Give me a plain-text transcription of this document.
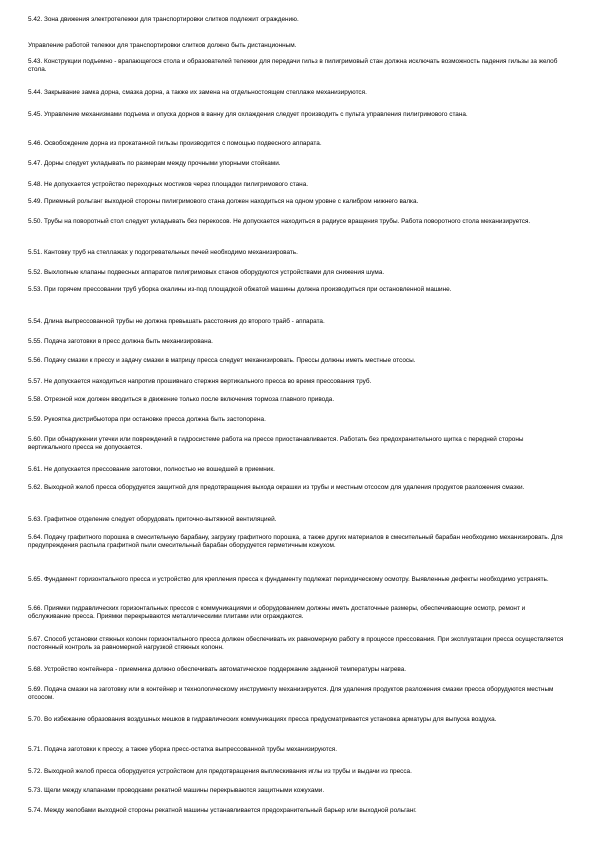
5.42. Зона движения электротележки для транспортировки слитков подлежит ограждению.

Управление работой тележки для транспортировки слитков должно быть дистанционным.

5.43. Конструкции подъемно - врапающегося стола и образователей тележки для передачи гильз в пилигримовый стан должна исключать возможность падения гильзы за желоб стола.

5.44. Закрывание замка дорна, смазка дорна, а также их замена на отдельностоящем стеллаже механизируются.

5.45. Управление механизмами подъема и опуска дорнов в ванну для охлаждения следует производить с пульта управления пилигримового стана.

5.46. Освобождение дорна из прокатанной гильзы производится с помощью подвесного аппарата.

5.47. Дорны следует укладывать по размерам между прочными упорными стойками.

5.48. Не допускается устройство переходных мостиков через площадки пилигримового стана.

5.49. Приемный рольганг выходной стороны пилигримового стана должен находиться на одном уровне с калибром нижнего валка.

5.50. Трубы на поворотный стол следует укладывать без перекосов. Не допускается находиться в радиусе вращения трубы. Работа поворотного стола механизируется.

5.51. Кантовку труб на стеллажах у подогревательных печей необходимо механизировать.

5.52. Выхлопные клапаны подвесных аппаратов пилигримовых станов оборудуются устройствами для снижения шума.

5.53. При горячем прессовании труб уборка окалины из-под площадкой обжатой машины должна производиться при остановленной машине.

5.54. Длина выпрессованной трубы не должна превышать расстояния до второго трайб - аппарата.

5.55. Подача заготовки в пресс должна быть механизирована.

5.56. Подачу смазки к прессу и задачу смазки в матрицу пресса следует механизировать. Прессы должны иметь местные отсосы.

5.57. Не допускается находиться напротив прошивнаго стержня вертикального пресса во время прессования труб.

5.58. Отрезной нож должен вводиться в движение только после включения тормоза главного привода.

5.59. Рукоятка дистрибьютора при остановке пресса должна быть застопорена.

5.60. При обнаружении утечки или повреждений в гидросистеме работа на прессе приостанавливается. Работать без предохранительного щитка с передней стороны вертикального пресса не допускается.

5.61. Не допускается прессование заготовки, полностью не вошедшей в приемник.

5.62. Выходной желоб пресса оборудуется защитной для предотвращения выхода окрашки из трубы и местным отсосом для удаления продуктов разложения смазки.

5.63. Графитное отделение следует оборудовать приточно-вытяжной вентиляцией.

5.64. Подачу графитного порошка в смесительную барабану, загрузку графитного порошка, а также других материалов в смесительный барабан необходимо механизировать. Для предупреждения распыла графитной пыли смесительный барабан оборудуется герметичным кожухом.

5.65. Фундамент горизонтального пресса и устройство для крепления пресса к фундаменту подлежат периодическому осмотру. Выявленные дефекты необходимо устранять.

5.66. Приямки гидравлических горизонтальных прессов с коммуникациями и оборудованием должны иметь достаточные размеры, обеспечивающие осмотр, ремонт и обслуживание пресса. Приямки перекрываются металлическими плитами или ограждаются.

5.67. Способ установки стяжных колонн горизонтального пресса должен обеспечивать их равномерную работу в процессе прессования. При эксплуатации пресса осуществляется постоянный контроль за равномерной нагрузкой стяжных колонн.

5.68. Устройство контейнера - приемника должно обеспечивать автоматическое поддержание заданной температуры нагрева.

5.69. Подача смазки на заготовку или в контейнер и технологическому инструменту механизируется. Для удаления продуктов разложения смазки пресса оборудуются местным отсосом.

5.70. Во избежание образования воздушных мешков в гидравлических коммуникациях пресса предусматривается установка арматуры для выпуска воздуха.

5.71. Подача заготовки к прессу, а также уборка пресс-остатка выпрессованной трубы механизируются.

5.72. Выходной желоб пресса оборудуется устройством для предотвращения выплескивания иглы из трубы и выдачи из пресса.

5.73. Щели между клапанами проводками рекатной машины перекрываются защитными кожухами.

5.74. Между желобами выходной стороны рекатной машины устанавливается предохранительный барьер или выходной рольганг.
